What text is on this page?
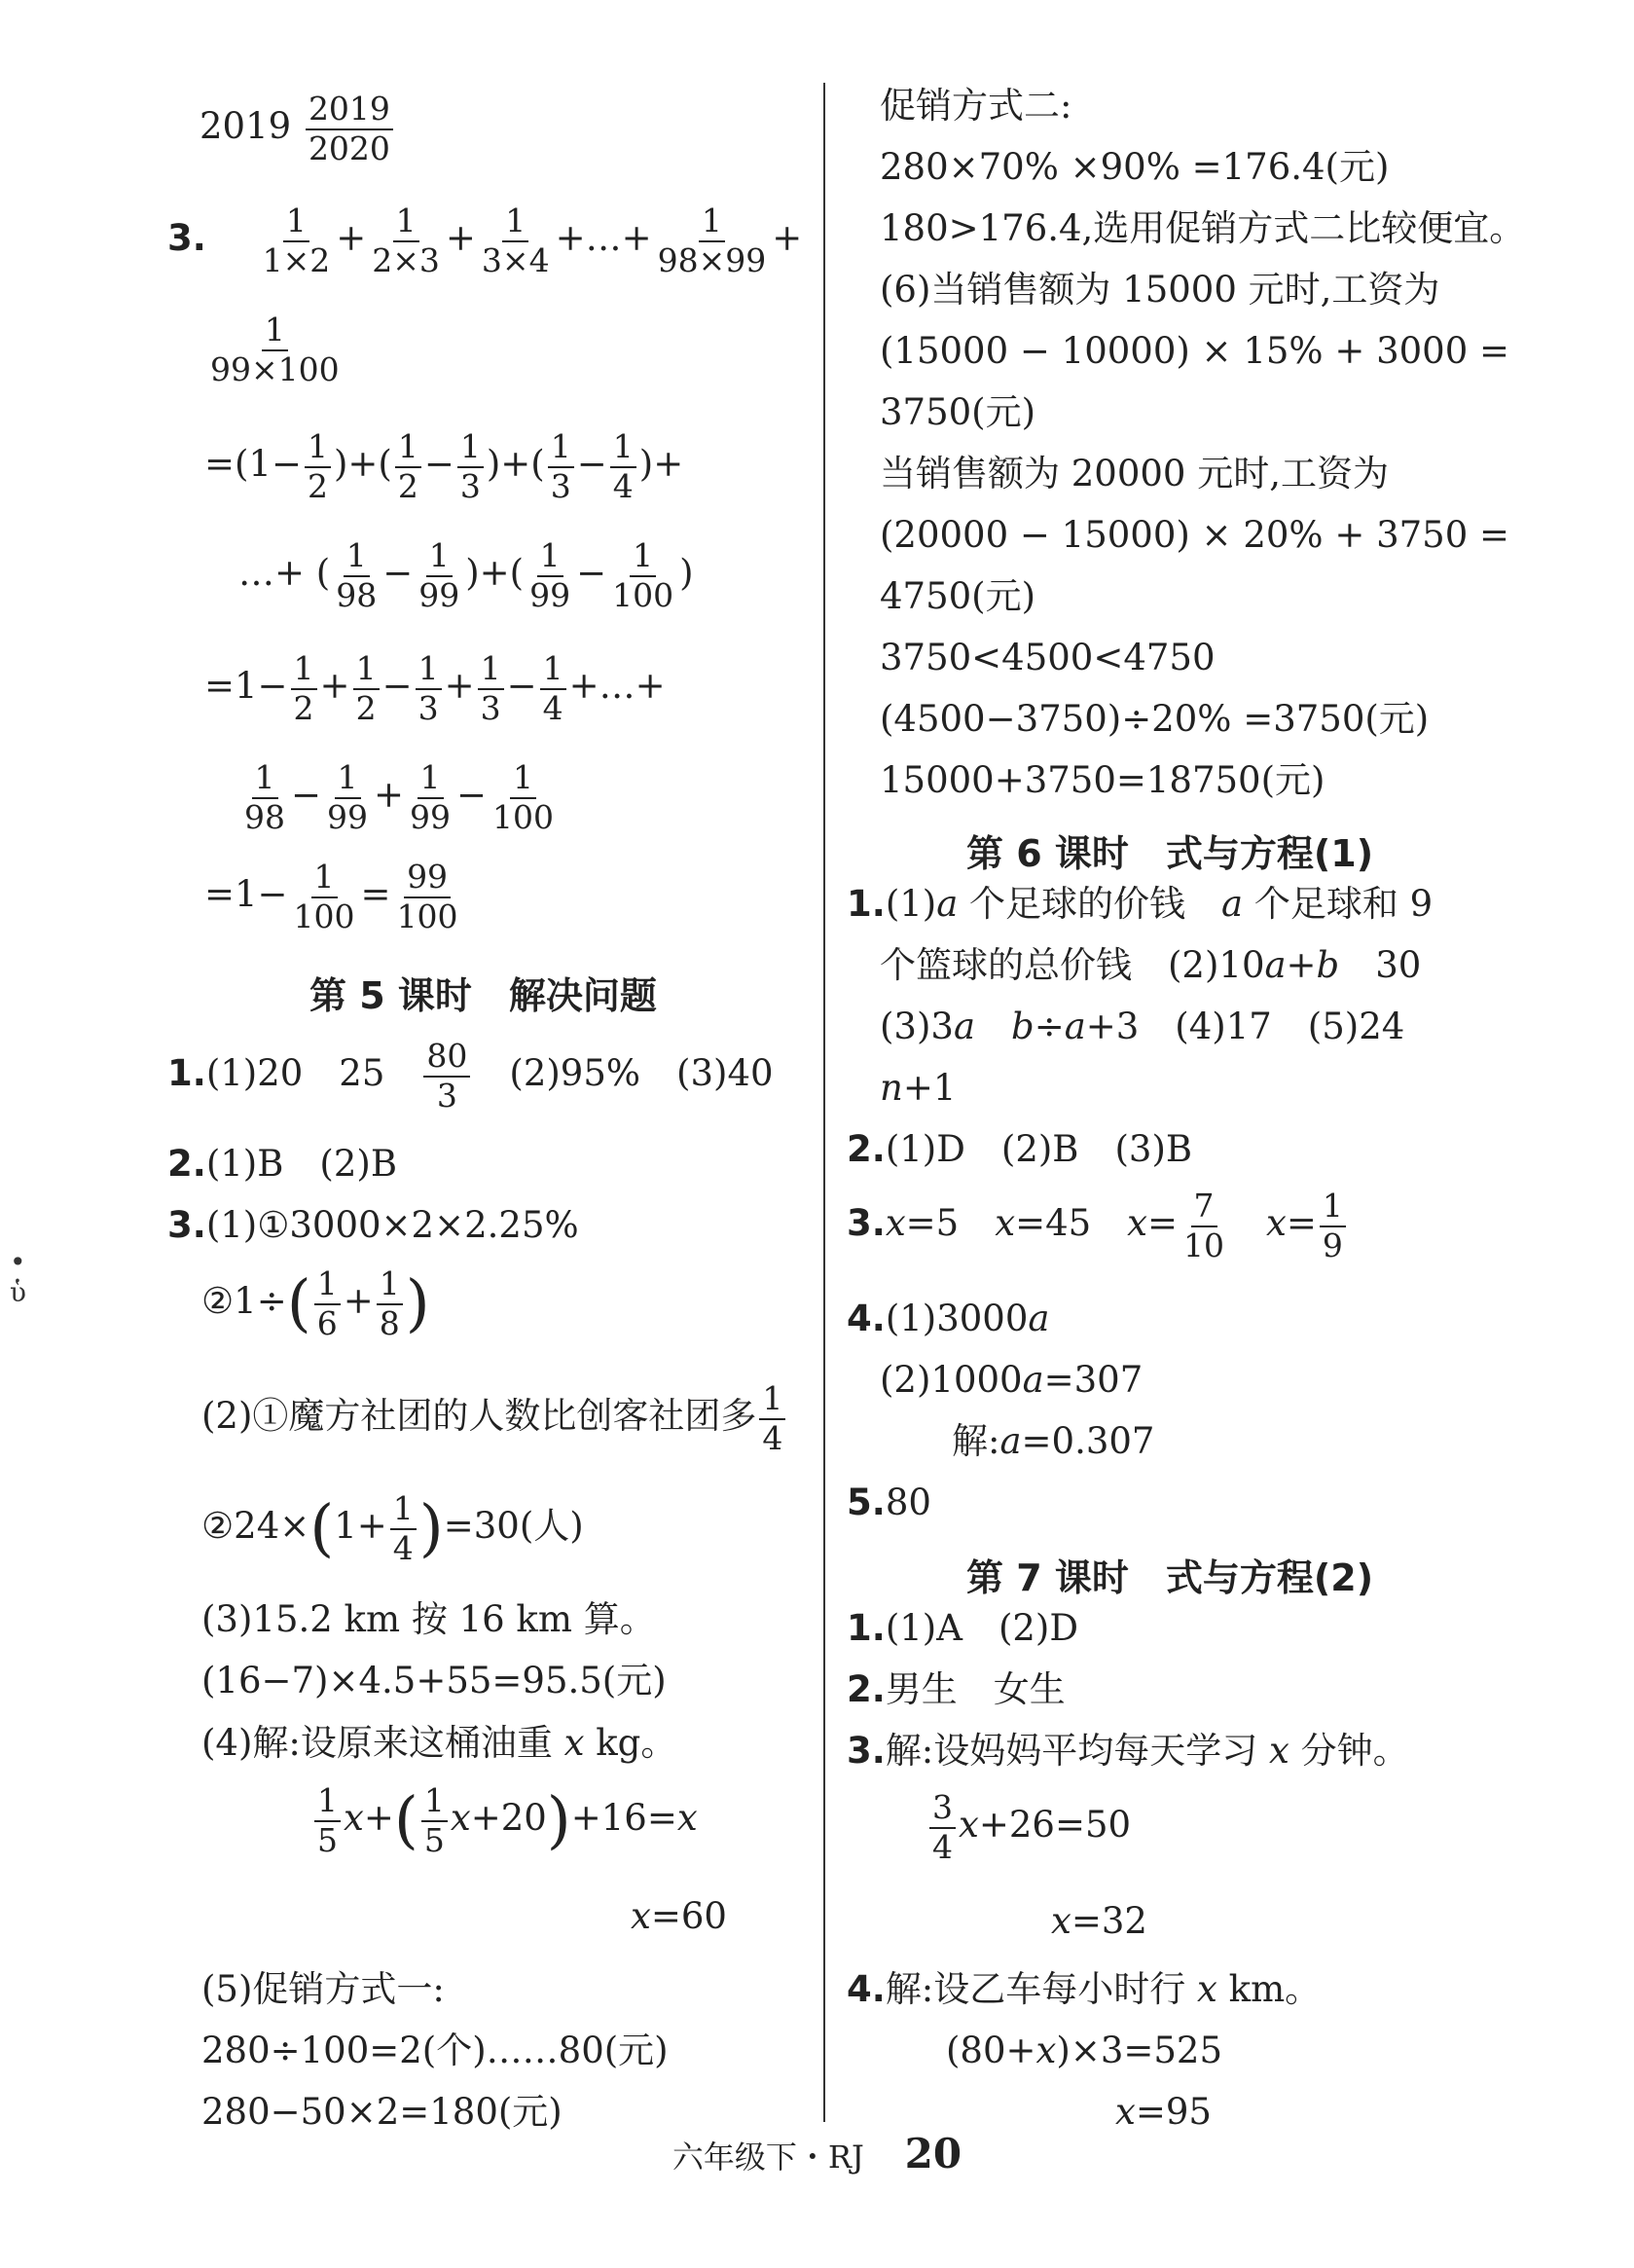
$2019 \frac{2019}{2020}$
3. $\frac{1}{1\times 2} + \frac{1}{2\times 3} + \frac{1}{3\times 4}$ +…+ $\frac{1}{98\times 99}$ +
$\frac{1}{99\times 100}$
$=(1- \frac{1}{2}$ )+( $\frac{1}{2} - \frac{1}{3}$ )+( $\frac{1}{3} - \frac{1}{4}$ )+
…+ ( $\frac{1}{98} - \frac{1}{99}$ )+( $\frac{1}{99} - \frac{1}{100}$ )
$=1- \frac{1}{2} + \frac{1}{2} - \frac{1}{3} + \frac{1}{3} - \frac{1}{4}$ +…+
$\frac{1}{98} - \frac{1}{99} + \frac{1}{99} - \frac{1}{100}$
$=1- \frac{1}{100} = \frac{99}{100}$
第 5 课时　解决问题
1.(1)20　25　 $\frac{80}{3}$ 　(2)95%　(3)40
2.(1)B　(2)B
3.(1)①3000×2×2.25%
②1÷( $\frac{1}{6} + \frac{1}{8}$ )
(2)①魔方社团的人数比创客社团多 $\frac{1}{4}$
②24×(1+ $\frac{1}{4} )=30$(人)
(3)15.2 km 按 16 km 算。
(16−7)×4.5+55=95.5(元)
(4)解:设原来这桶油重 𝑥 kg。
$\frac{1}{5}$ 𝑥+( $\frac{1}{5}$ 𝑥+20)+16=𝑥
𝑥=60
(5)促销方式一:
280÷100=2(个)……80(元)
280−50×2=180(元)
促销方式二:
280×70% ×90% =176.4(元)
180>176.4,选用促销方式二比较便宜。
(6)当销售额为 15000 元时,工资为
(15000 − 10000) × 15% + 3000 =
3750(元)
当销售额为 20000 元时,工资为
(20000 − 15000) × 20% + 3750 =
4750(元)
3750<4500<4750
(4500−3750)÷20% =3750(元)
15000+3750=18750(元)
第 6 课时　式与方程(1)
1.(1)𝑎 个足球的价钱　𝑎 个足球和 9
个篮球的总价钱　(2)10𝑎+𝑏　30
(3)3𝑎　𝑏÷𝑎+3　(4)17　(5)24
𝑛+1
2.(1)D　(2)B　(3)B
3.𝑥=5　𝑥=45　𝑥= $\frac{7}{10}$ 　𝑥= $\frac{1}{9}$
4.(1)3000𝑎
(2)1000𝑎=307
解:𝑎=0.307
5.80
第 7 课时　式与方程(2)
1.(1)A　(2)D
2.男生　女生
3.解:设妈妈平均每天学习 𝑥 分钟。
$\frac{3}{4}$ 𝑥+26=50
𝑥=32
4.解:设乙车每小时行 𝑥 km。
(80+𝑥)×3=525
𝑥=95
•
ὑ
六年级下・RJ 20
